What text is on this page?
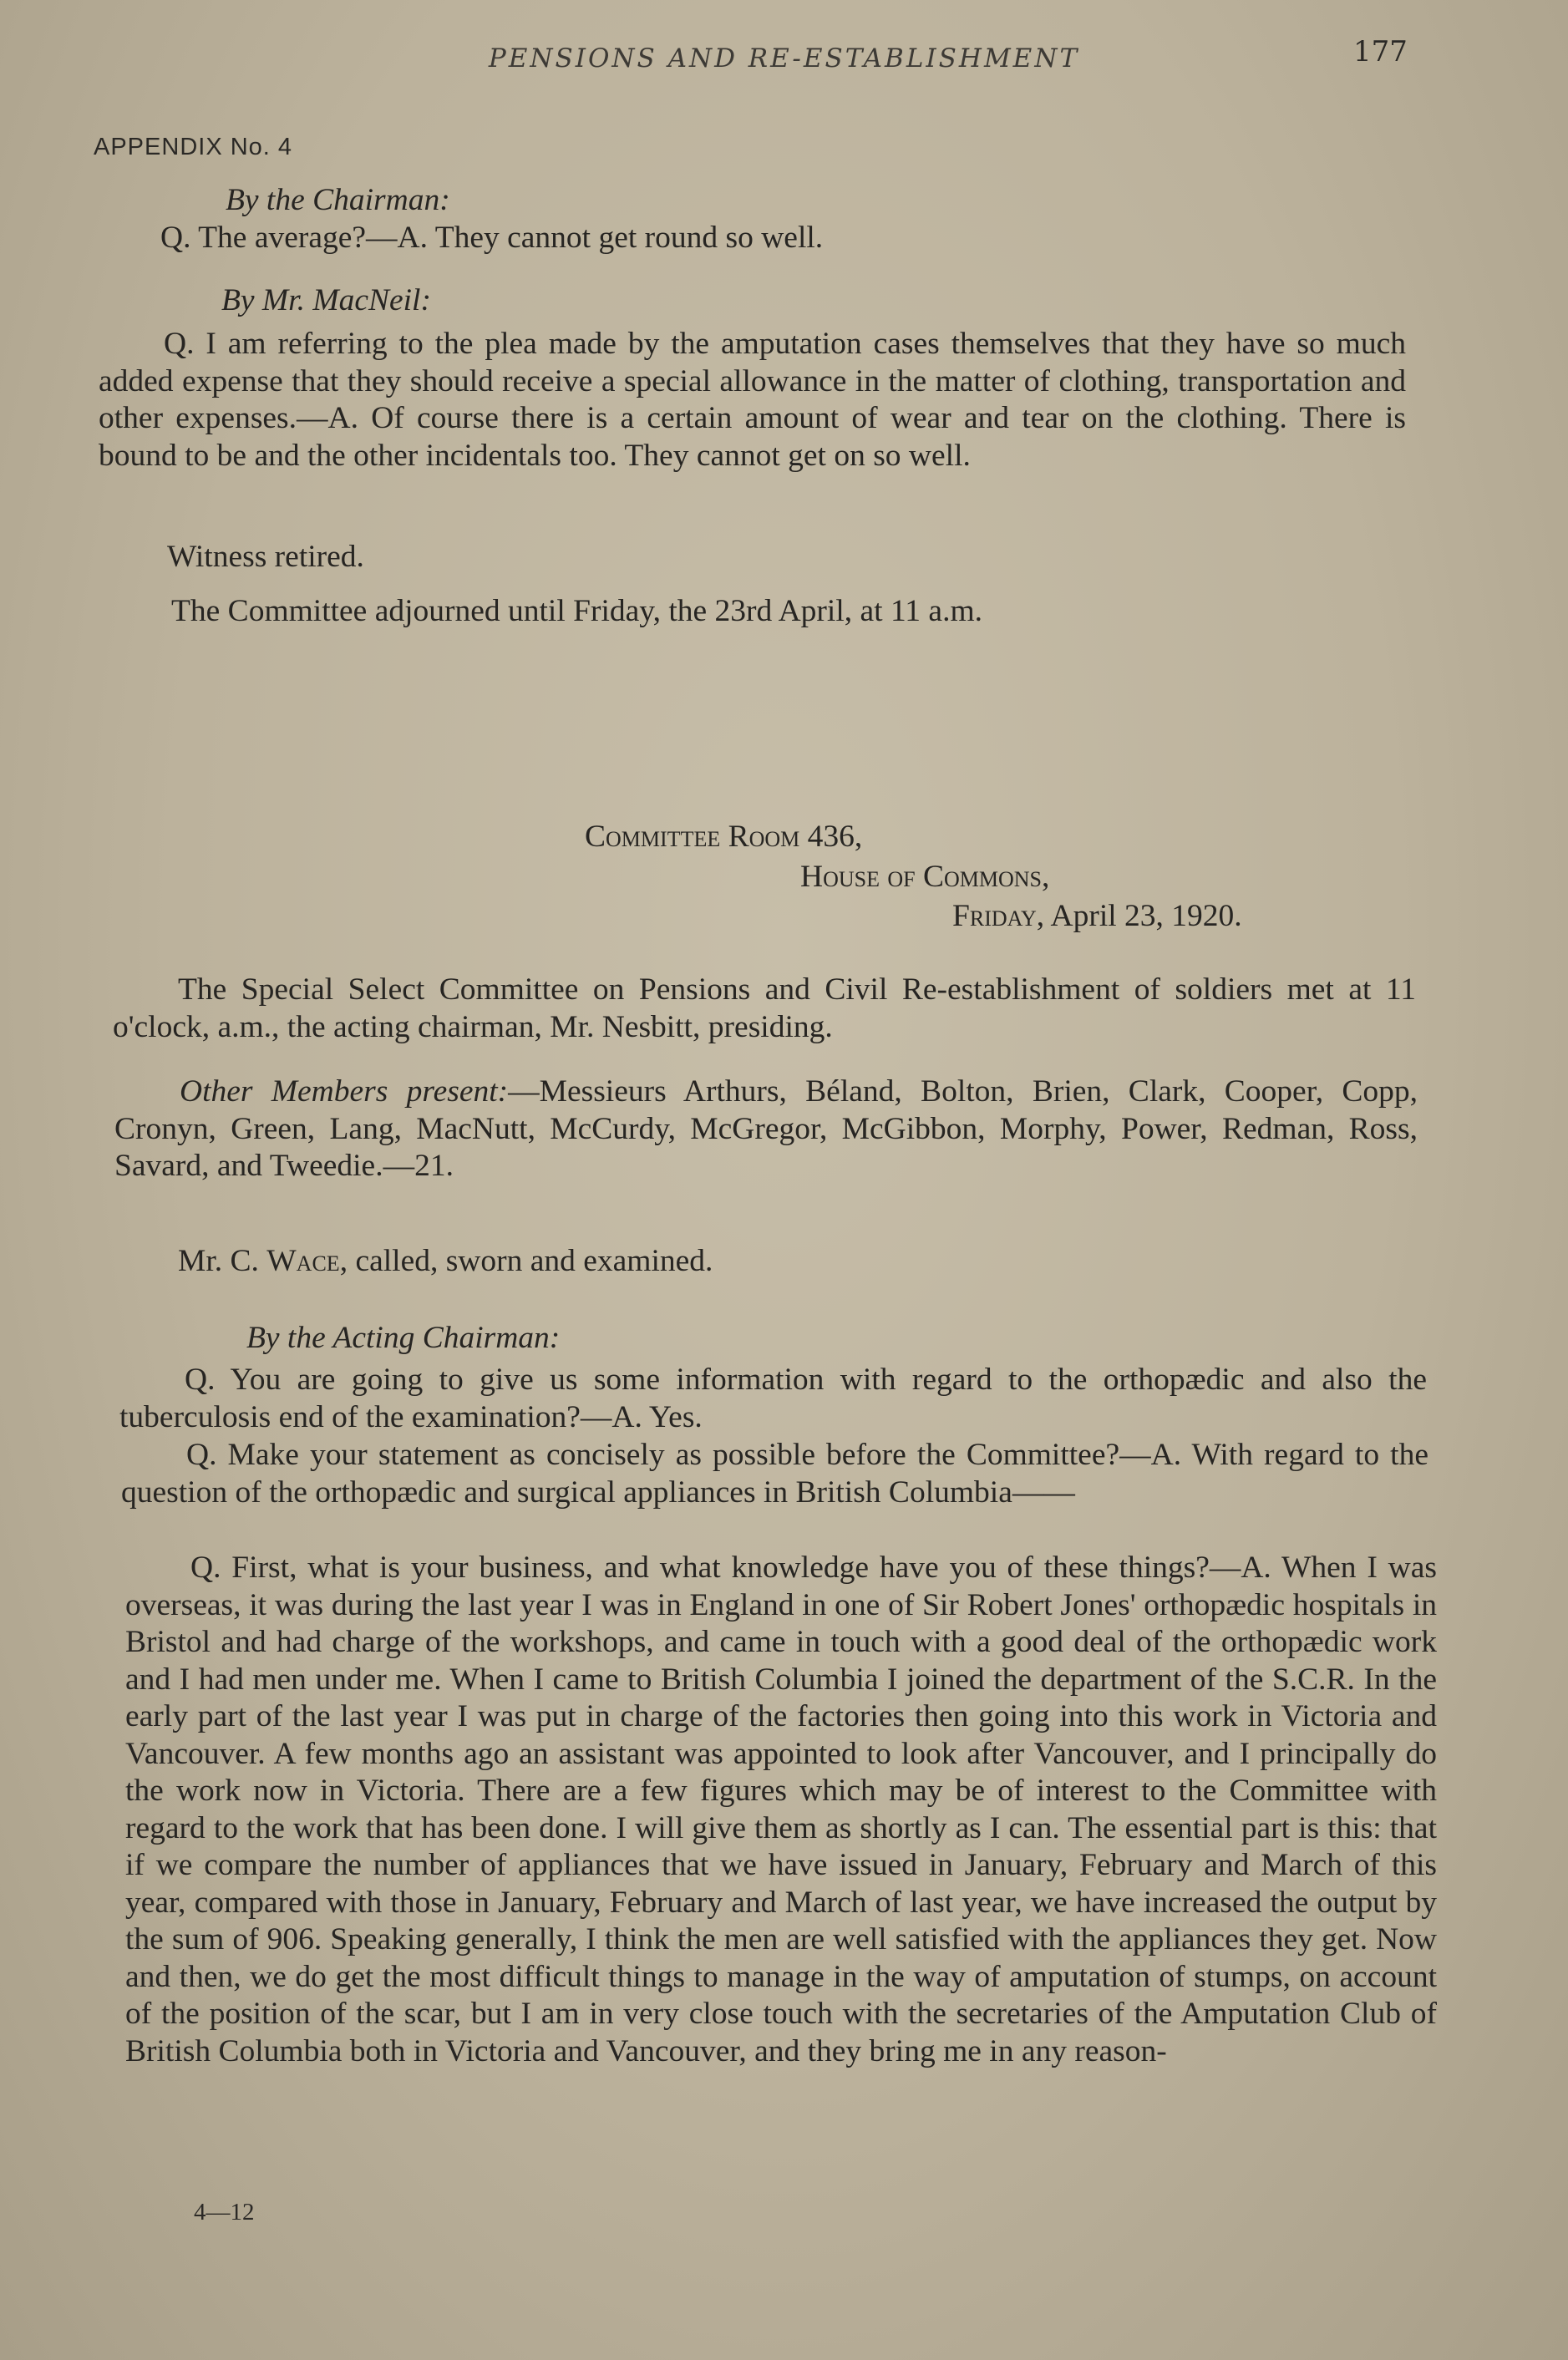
PENSIONS AND RE-ESTABLISHMENT	177
APPENDIX No. 4
By the Chairman:
Q. The average?—A. They cannot get round so well.
By Mr. MacNeil:
Q. I am referring to the plea made by the amputation cases themselves that they have so much added expense that they should receive a special allowance in the matter of clothing, transportation and other expenses.—A. Of course there is a certain amount of wear and tear on the clothing. There is bound to be and the other incidentals too. They cannot get on so well.
Witness retired.
The Committee adjourned until Friday, the 23rd April, at 11 a.m.
Committee Room 436,
House of Commons,
Friday, April 23, 1920.
The Special Select Committee on Pensions and Civil Re-establishment of soldiers met at 11 o'clock, a.m., the acting chairman, Mr. Nesbitt, presiding.
Other Members present:—Messieurs Arthurs, Béland, Bolton, Brien, Clark, Cooper, Copp, Cronyn, Green, Lang, MacNutt, McCurdy, McGregor, McGibbon, Morphy, Power, Redman, Ross, Savard, and Tweedie.—21.
Mr. C. Wace, called, sworn and examined.
By the Acting Chairman:
Q. You are going to give us some information with regard to the orthopædic and also the tuberculosis end of the examination?—A. Yes.
Q. Make your statement as concisely as possible before the Committee?—A. With regard to the question of the orthopædic and surgical appliances in British Columbia——
Q. First, what is your business, and what knowledge have you of these things?—A. When I was overseas, it was during the last year I was in England in one of Sir Robert Jones' orthopædic hospitals in Bristol and had charge of the workshops, and came in touch with a good deal of the orthopædic work and I had men under me. When I came to British Columbia I joined the department of the S.C.R. In the early part of the last year I was put in charge of the factories then going into this work in Victoria and Vancouver. A few months ago an assistant was appointed to look after Vancouver, and I principally do the work now in Victoria. There are a few figures which may be of interest to the Committee with regard to the work that has been done. I will give them as shortly as I can. The essential part is this: that if we compare the number of appliances that we have issued in January, February and March of this year, compared with those in January, February and March of last year, we have increased the output by the sum of 906. Speaking generally, I think the men are well satisfied with the appliances they get. Now and then, we do get the most difficult things to manage in the way of amputation of stumps, on account of the position of the scar, but I am in very close touch with the secretaries of the Amputation Club of British Columbia both in Victoria and Vancouver, and they bring me in any reason-
4—12
